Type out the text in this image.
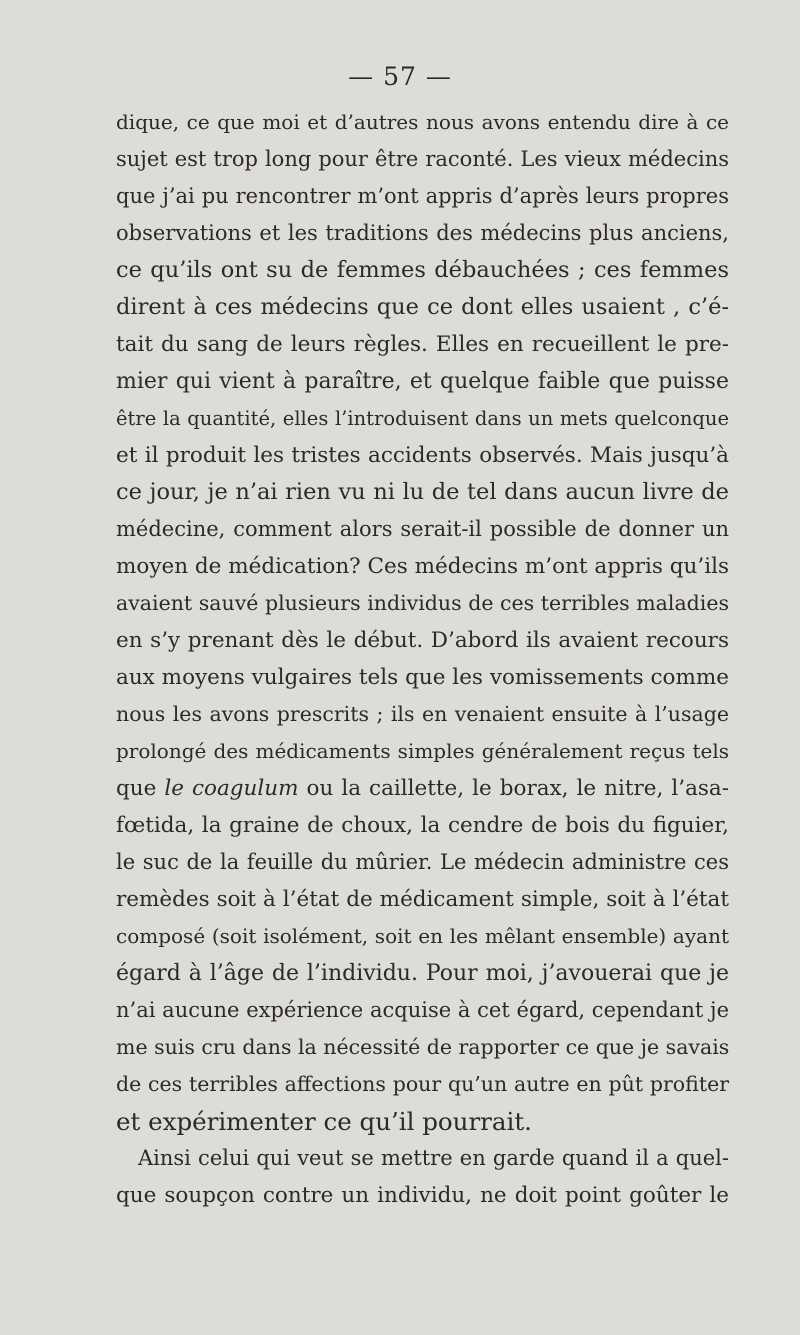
— 57 —
dique, ce que moi et d’autres nous avons entendu dire à ce
sujet est trop long pour être raconté. Les vieux médecins
que j’ai pu rencontrer m’ont appris d’après leurs propres
observations et les traditions des médecins plus anciens,
ce qu’ils ont su de femmes débauchées ; ces femmes
dirent à ces médecins que ce dont elles usaient , c’é-
tait du sang de leurs règles. Elles en recueillent le pre-
mier qui vient à paraître, et quelque faible que puisse
être la quantité, elles l’introduisent dans un mets quelconque
et il produit les tristes accidents observés. Mais jusqu’à
ce jour, je n’ai rien vu ni lu de tel dans aucun livre de
médecine, comment alors serait-il possible de donner un
moyen de médication? Ces médecins m’ont appris qu’ils
avaient sauvé plusieurs individus de ces terribles maladies
en s’y prenant dès le début. D’abord ils avaient recours
aux moyens vulgaires tels que les vomissements comme
nous les avons prescrits ; ils en venaient ensuite à l’usage
prolongé des médicaments simples généralement reçus tels
que le coagulum ou la caillette, le borax, le nitre, l’asa-
fœtida, la graine de choux, la cendre de bois du figuier,
le suc de la feuille du mûrier. Le médecin administre ces
remèdes soit à l’état de médicament simple, soit à l’état
composé (soit isolément, soit en les mêlant ensemble) ayant
égard à l’âge de l’individu. Pour moi, j’avouerai que je
n’ai aucune expérience acquise à cet égard, cependant je
me suis cru dans la nécessité de rapporter ce que je savais
de ces terribles affections pour qu’un autre en pût profiter
et expérimenter ce qu’il pourrait.
Ainsi celui qui veut se mettre en garde quand il a quel-
que soupçon contre un individu, ne doit point goûter le
